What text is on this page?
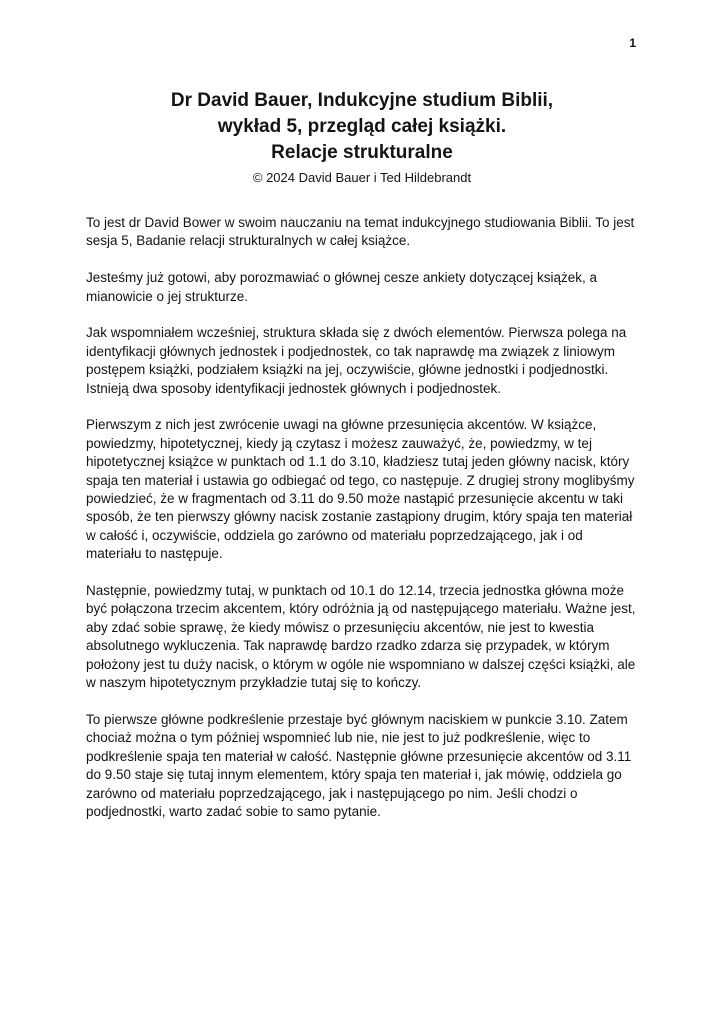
1
Dr David Bauer, Indukcyjne studium Biblii,
wykład 5, przegląd całej książki.
Relacje strukturalne
© 2024 David Bauer i Ted Hildebrandt

To jest dr David Bower w swoim nauczaniu na temat indukcyjnego studiowania Biblii. To jest sesja 5, Badanie relacji strukturalnych w całej książce.

Jesteśmy już gotowi, aby porozmawiać o głównej cesze ankiety dotyczącej książek, a mianowicie o jej strukturze.

Jak wspomniałem wcześniej, struktura składa się z dwóch elementów. Pierwsza polega na identyfikacji głównych jednostek i podjednostek, co tak naprawdę ma związek z liniowym postępem książki, podziałem książki na jej, oczywiście, główne jednostki i podjednostki. Istnieją dwa sposoby identyfikacji jednostek głównych i podjednostek.

Pierwszym z nich jest zwrócenie uwagi na główne przesunięcia akcentów. W książce, powiedzmy, hipotetycznej, kiedy ją czytasz i możesz zauważyć, że, powiedzmy, w tej hipotetycznej książce w punktach od 1.1 do 3.10, kładziesz tutaj jeden główny nacisk, który spaja ten materiał i ustawia go odbiegać od tego, co następuje. Z drugiej strony moglibyśmy powiedzieć, że w fragmentach od 3.11 do 9.50 może nastąpić przesunięcie akcentu w taki sposób, że ten pierwszy główny nacisk zostanie zastąpiony drugim, który spaja ten materiał w całość i, oczywiście, oddziela go zarówno od materiału poprzedzającego, jak i od materiału to następuje.

Następnie, powiedzmy tutaj, w punktach od 10.1 do 12.14, trzecia jednostka główna może być połączona trzecim akcentem, który odróżnia ją od następującego materiału. Ważne jest, aby zdać sobie sprawę, że kiedy mówisz o przesunięciu akcentów, nie jest to kwestia absolutnego wykluczenia. Tak naprawdę bardzo rzadko zdarza się przypadek, w którym położony jest tu duży nacisk, o którym w ogóle nie wspomniano w dalszej części książki, ale w naszym hipotetycznym przykładzie tutaj się to kończy.

To pierwsze główne podkreślenie przestaje być głównym naciskiem w punkcie 3.10. Zatem chociaż można o tym później wspomnieć lub nie, nie jest to już podkreślenie, więc to podkreślenie spaja ten materiał w całość. Następnie główne przesunięcie akcentów od 3.11 do 9.50 staje się tutaj innym elementem, który spaja ten materiał i, jak mówię, oddziela go zarówno od materiału poprzedzającego, jak i następującego po nim. Jeśli chodzi o podjednostki, warto zadać sobie to samo pytanie.
